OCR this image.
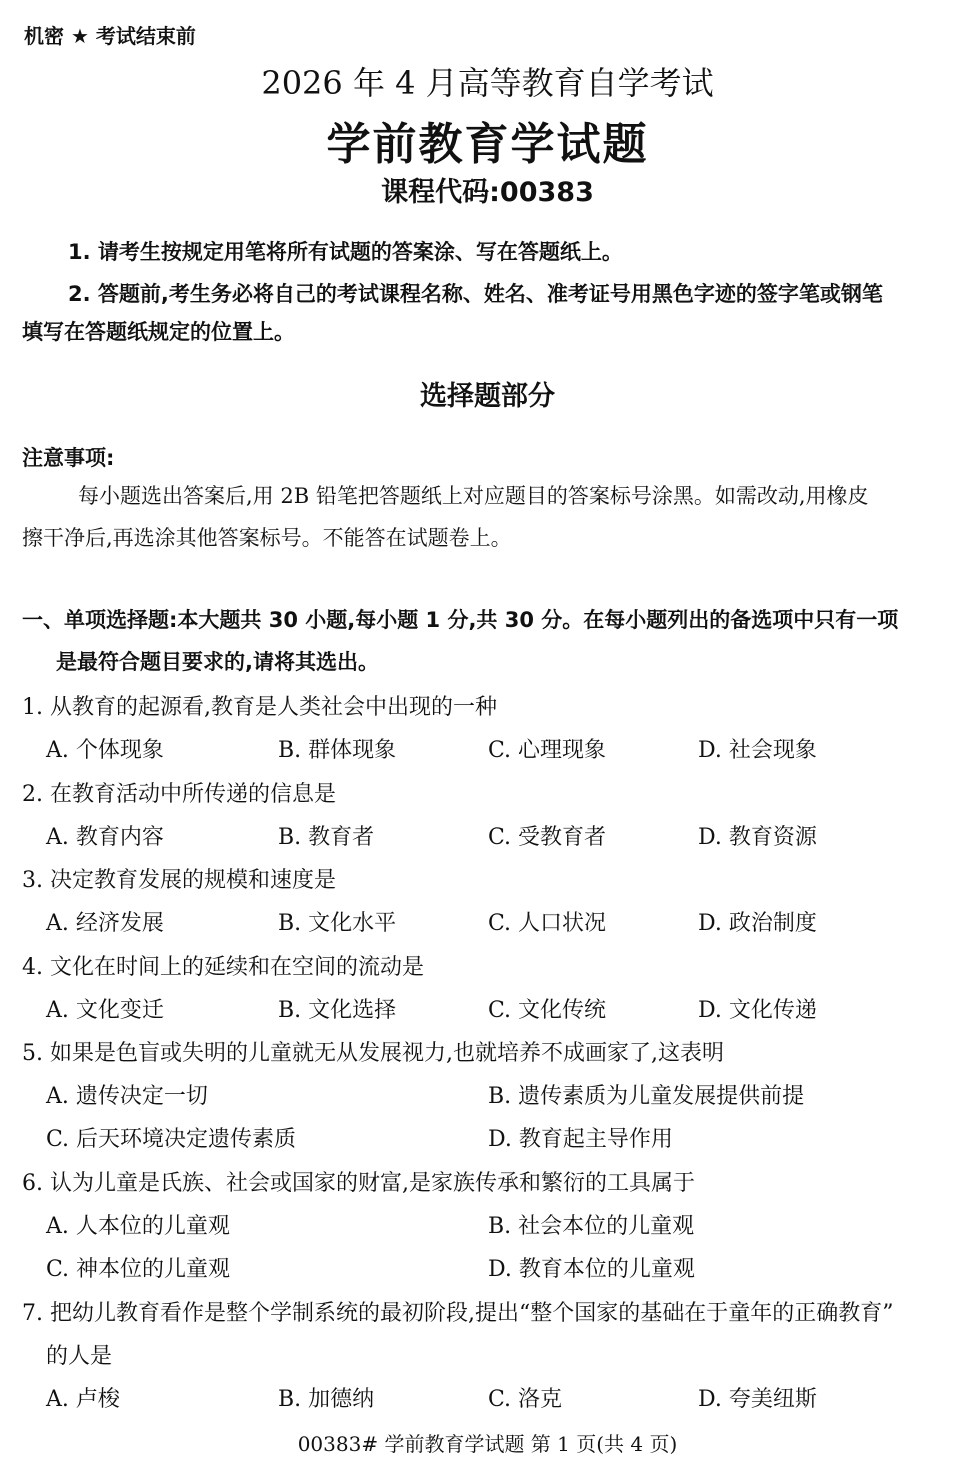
机密 ★ 考试结束前
2026 年 4 月高等教育自学考试
学前教育学试题
课程代码:00383
1. 请考生按规定用笔将所有试题的答案涂、写在答题纸上。
2. 答题前,考生务必将自己的考试课程名称、姓名、准考证号用黑色字迹的签字笔或钢笔
填写在答题纸规定的位置上。
选择题部分
注意事项:
每小题选出答案后,用 2B 铅笔把答题纸上对应题目的答案标号涂黑。如需改动,用橡皮
擦干净后,再选涂其他答案标号。不能答在试题卷上。
一、单项选择题:本大题共 30 小题,每小题 1 分,共 30 分。在每小题列出的备选项中只有一项
是最符合题目要求的,请将其选出。
1. 从教育的起源看,教育是人类社会中出现的一种
A. 个体现象	B. 群体现象	C. 心理现象	D. 社会现象
2. 在教育活动中所传递的信息是
A. 教育内容	B. 教育者	C. 受教育者	D. 教育资源
3. 决定教育发展的规模和速度是
A. 经济发展	B. 文化水平	C. 人口状况	D. 政治制度
4. 文化在时间上的延续和在空间的流动是
A. 文化变迁	B. 文化选择	C. 文化传统	D. 文化传递
5. 如果是色盲或失明的儿童就无从发展视力,也就培养不成画家了,这表明
A. 遗传决定一切	B. 遗传素质为儿童发展提供前提
C. 后天环境决定遗传素质	D. 教育起主导作用
6. 认为儿童是氏族、社会或国家的财富,是家族传承和繁衍的工具属于
A. 人本位的儿童观	B. 社会本位的儿童观
C. 神本位的儿童观	D. 教育本位的儿童观
7. 把幼儿教育看作是整个学制系统的最初阶段,提出“整个国家的基础在于童年的正确教育”
的人是
A. 卢梭	B. 加德纳	C. 洛克	D. 夸美纽斯
00383# 学前教育学试题 第 1 页(共 4 页)
